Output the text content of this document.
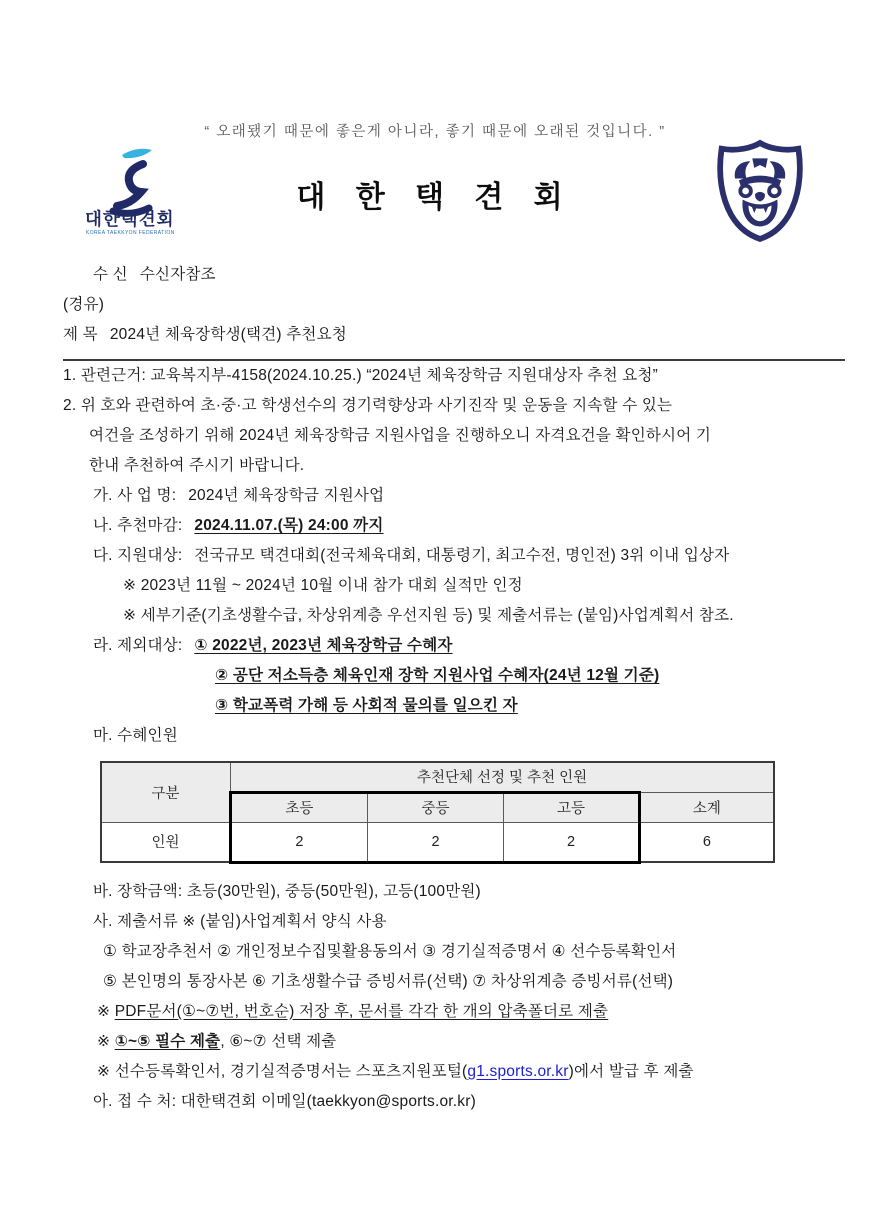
“ 오래됐기 때문에 좋은게 아니라, 좋기 때문에 오래된 것입니다. ”
대한택견회
KOREA TAEKKYON FEDERATION
대 한 택 견 회

수 신 수신자참조

(경유)

제 목 2024년 체육장학생(택견) 추천요청

1. 관련근거: 교육복지부-4158(2024.10.25.) “2024년 체육장학금 지원대상자 추천 요청”

2. 위 호와 관련하여 초·중·고 학생선수의 경기력향상과 사기진작 및 운동을 지속할 수 있는

여건을 조성하기 위해 2024년 체육장학금 지원사업을 진행하오니 자격요건을 확인하시어 기

한내 추천하여 주시기 바랍니다.

가. 사 업 명: 2024년 체육장학금 지원사업

나. 추천마감: 2024.11.07.(목) 24:00 까지

다. 지원대상: 전국규모 택견대회(전국체육대회, 대통령기, 최고수전, 명인전) 3위 이내 입상자

※ 2023년 11월 ~ 2024년 10월 이내 참가 대회 실적만 인정

※ 세부기준(기초생활수급, 차상위계층 우선지원 등) 및 제출서류는 (붙임)사업계획서 참조.

라. 제외대상: ① 2022년, 2023년 체육장학금 수혜자

② 공단 저소득층 체육인재 장학 지원사업 수혜자(24년 12월 기준)

③ 학교폭력 가해 등 사회적 물의를 일으킨 자

마. 수혜인원

구분	추천단체 선정 및 추천 인원			
	초등	중등	고등	소계
인원	2	2	2	6

바. 장학금액: 초등(30만원), 중등(50만원), 고등(100만원)

사. 제출서류 ※ (붙임)사업계획서 양식 사용

① 학교장추천서 ② 개인정보수집및활용동의서 ③ 경기실적증명서 ④ 선수등록확인서

⑤ 본인명의 통장사본 ⑥ 기초생활수급 증빙서류(선택) ⑦ 차상위계층 증빙서류(선택)

※ PDF문서(①~⑦번, 번호순) 저장 후, 문서를 각각 한 개의 압축폴더로 제출

※ ①~⑤ 필수 제출, ⑥~⑦ 선택 제출

※ 선수등록확인서, 경기실적증명서는 스포츠지원포털(g1.sports.or.kr)에서 발급 후 제출

아. 접 수 처: 대한택견회 이메일(taekkyon@sports.or.kr)
